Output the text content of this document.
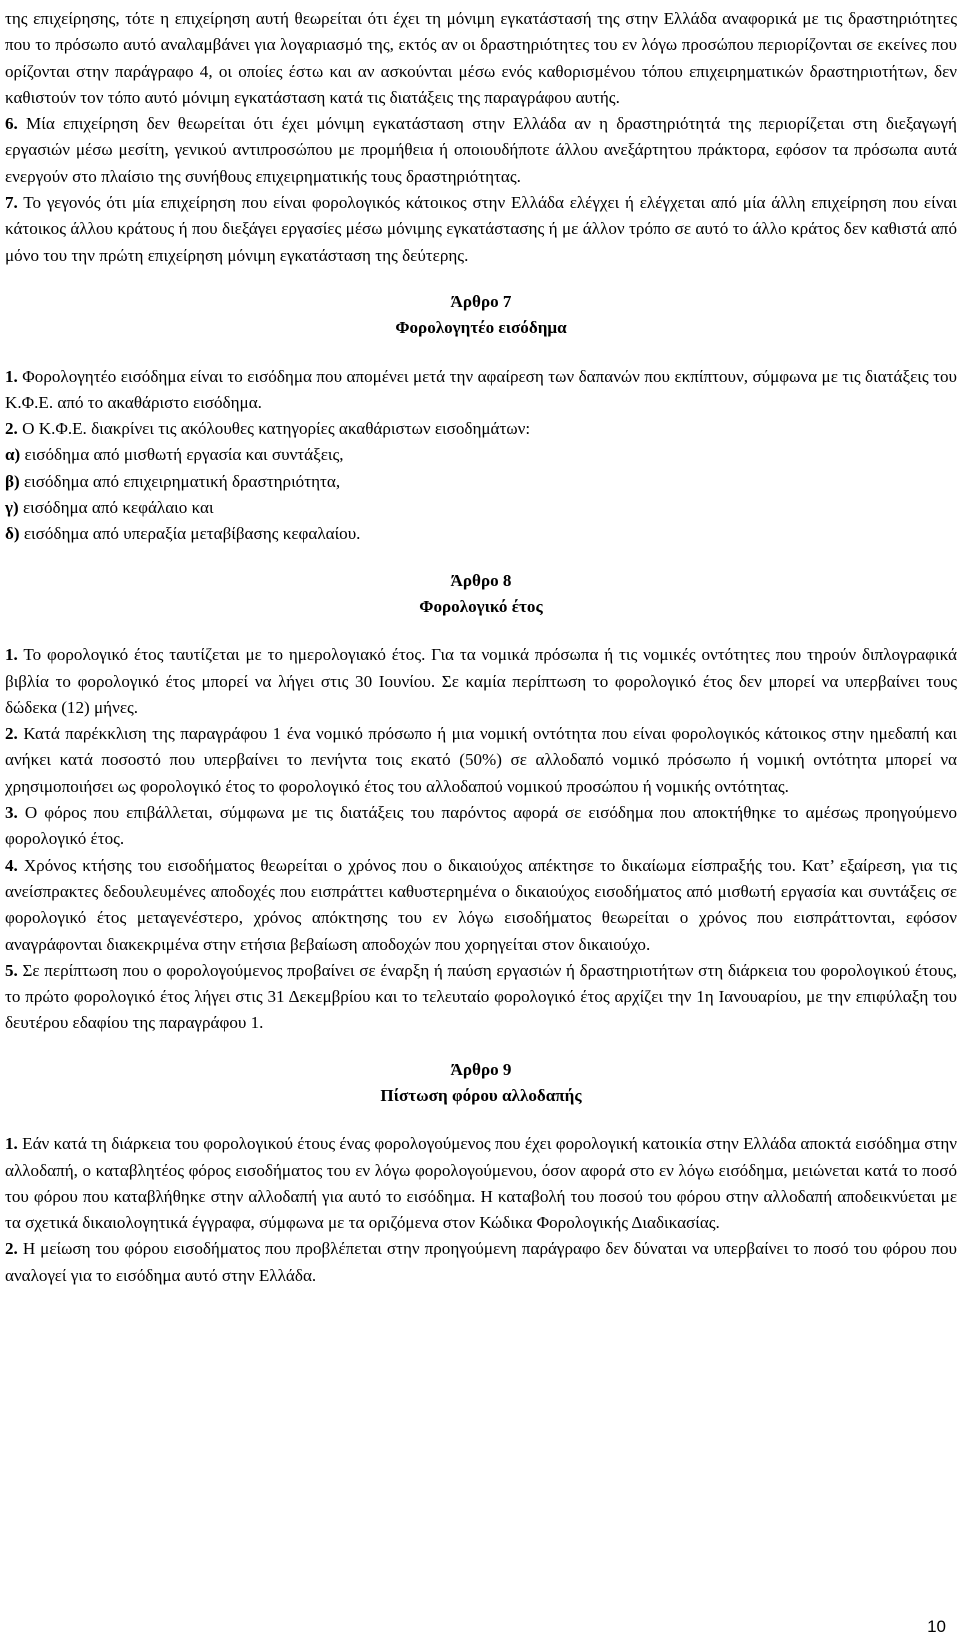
της επιχείρησης, τότε η επιχείρηση αυτή θεωρείται ότι έχει τη μόνιμη εγκατάστασή της στην Ελλάδα αναφορικά με τις δραστηριότητες που το πρόσωπο αυτό αναλαμβάνει για λογαριασμό της, εκτός αν οι δραστηριότητες του εν λόγω προσώπου περιορίζονται σε εκείνες που ορίζονται στην παράγραφο 4, οι οποίες έστω και αν ασκούνται μέσω ενός καθορισμένου τόπου επιχειρηματικών δραστηριοτήτων, δεν καθιστούν τον τόπο αυτό μόνιμη εγκατάσταση κατά τις διατάξεις της παραγράφου αυτής.

6. Μία επιχείρηση δεν θεωρείται ότι έχει μόνιμη εγκατάσταση στην Ελλάδα αν η δραστηριότητά της περιορίζεται στη διεξαγωγή εργασιών μέσω μεσίτη, γενικού αντιπροσώπου με προμήθεια ή οποιουδήποτε άλλου ανεξάρτητου πράκτορα, εφόσον τα πρόσωπα αυτά ενεργούν στο πλαίσιο της συνήθους επιχειρηματικής τους δραστηριότητας.

7. Το γεγονός ότι μία επιχείρηση που είναι φορολογικός κάτοικος στην Ελλάδα ελέγχει ή ελέγχεται από μία άλλη επιχείρηση που είναι κάτοικος άλλου κράτους ή που διεξάγει εργασίες μέσω μόνιμης εγκατάστασης ή με άλλον τρόπο σε αυτό το άλλο κράτος δεν καθιστά από μόνο του την πρώτη επιχείρηση μόνιμη εγκατάσταση της δεύτερης.

Άρθρο 7

Φορολογητέο εισόδημα

1. Φορολογητέο εισόδημα είναι το εισόδημα που απομένει μετά την αφαίρεση των δαπανών που εκπίπτουν, σύμφωνα με τις διατάξεις του Κ.Φ.Ε. από το ακαθάριστο εισόδημα.

2. Ο Κ.Φ.Ε. διακρίνει τις ακόλουθες κατηγορίες ακαθάριστων εισοδημάτων:

α) εισόδημα από μισθωτή εργασία και συντάξεις,

β) εισόδημα από επιχειρηματική δραστηριότητα,

γ) εισόδημα από κεφάλαιο και

δ) εισόδημα από υπεραξία μεταβίβασης κεφαλαίου.

Άρθρο 8

Φορολογικό έτος

1. Το φορολογικό έτος ταυτίζεται με το ημερολογιακό έτος. Για τα νομικά πρόσωπα ή τις νομικές οντότητες που τηρούν διπλογραφικά βιβλία το φορολογικό έτος μπορεί να λήγει στις 30 Ιουνίου. Σε καμία περίπτωση το φορολογικό έτος δεν μπορεί να υπερβαίνει τους δώδεκα (12) μήνες.

2. Κατά παρέκκλιση της παραγράφου 1 ένα νομικό πρόσωπο ή μια νομική οντότητα που είναι φορολογικός κάτοικος στην ημεδαπή και ανήκει κατά ποσοστό που υπερβαίνει το πενήντα τοις εκατό (50%) σε αλλοδαπό νομικό πρόσωπο ή νομική οντότητα μπορεί να χρησιμοποιήσει ως φορολογικό έτος το φορολογικό έτος του αλλοδαπού νομικού προσώπου ή νομικής οντότητας.

3. Ο φόρος που επιβάλλεται, σύμφωνα με τις διατάξεις του παρόντος αφορά σε εισόδημα που αποκτήθηκε το αμέσως προηγούμενο φορολογικό έτος.

4. Χρόνος κτήσης του εισοδήματος θεωρείται ο χρόνος που ο δικαιούχος απέκτησε το δικαίωμα είσπραξής του. Κατ’ εξαίρεση, για τις ανείσπρακτες δεδουλευμένες αποδοχές που εισπράττει καθυστερημένα ο δικαιούχος εισοδήματος από μισθωτή εργασία και συντάξεις σε φορολογικό έτος μεταγενέστερο, χρόνος απόκτησης του εν λόγω εισοδήματος θεωρείται ο χρόνος που εισπράττονται, εφόσον αναγράφονται διακεκριμένα στην ετήσια βεβαίωση αποδοχών που χορηγείται στον δικαιούχο.

5. Σε περίπτωση που ο φορολογούμενος προβαίνει σε έναρξη ή παύση εργασιών ή δραστηριοτήτων στη διάρκεια του φορολογικού έτους, το πρώτο φορολογικό έτος λήγει στις 31 Δεκεμβρίου και το τελευταίο φορολογικό έτος αρχίζει την 1η Ιανουαρίου, με την επιφύλαξη του δευτέρου εδαφίου της παραγράφου 1.

Άρθρο 9

Πίστωση φόρου αλλοδαπής

1. Εάν κατά τη διάρκεια του φορολογικού έτους ένας φορολογούμενος που έχει φορολογική κατοικία στην Ελλάδα αποκτά εισόδημα στην αλλοδαπή, ο καταβλητέος φόρος εισοδήματος του εν λόγω φορολογούμενου, όσον αφορά στο εν λόγω εισόδημα, μειώνεται κατά το ποσό του φόρου που καταβλήθηκε στην αλλοδαπή για αυτό το εισόδημα. Η καταβολή του ποσού του φόρου στην αλλοδαπή αποδεικνύεται με τα σχετικά δικαιολογητικά έγγραφα, σύμφωνα με τα οριζόμενα στον Κώδικα Φορολογικής Διαδικασίας.

2. Η μείωση του φόρου εισοδήματος που προβλέπεται στην προηγούμενη παράγραφο δεν δύναται να υπερβαίνει το ποσό του φόρου που αναλογεί για το εισόδημα αυτό στην Ελλάδα.

10
